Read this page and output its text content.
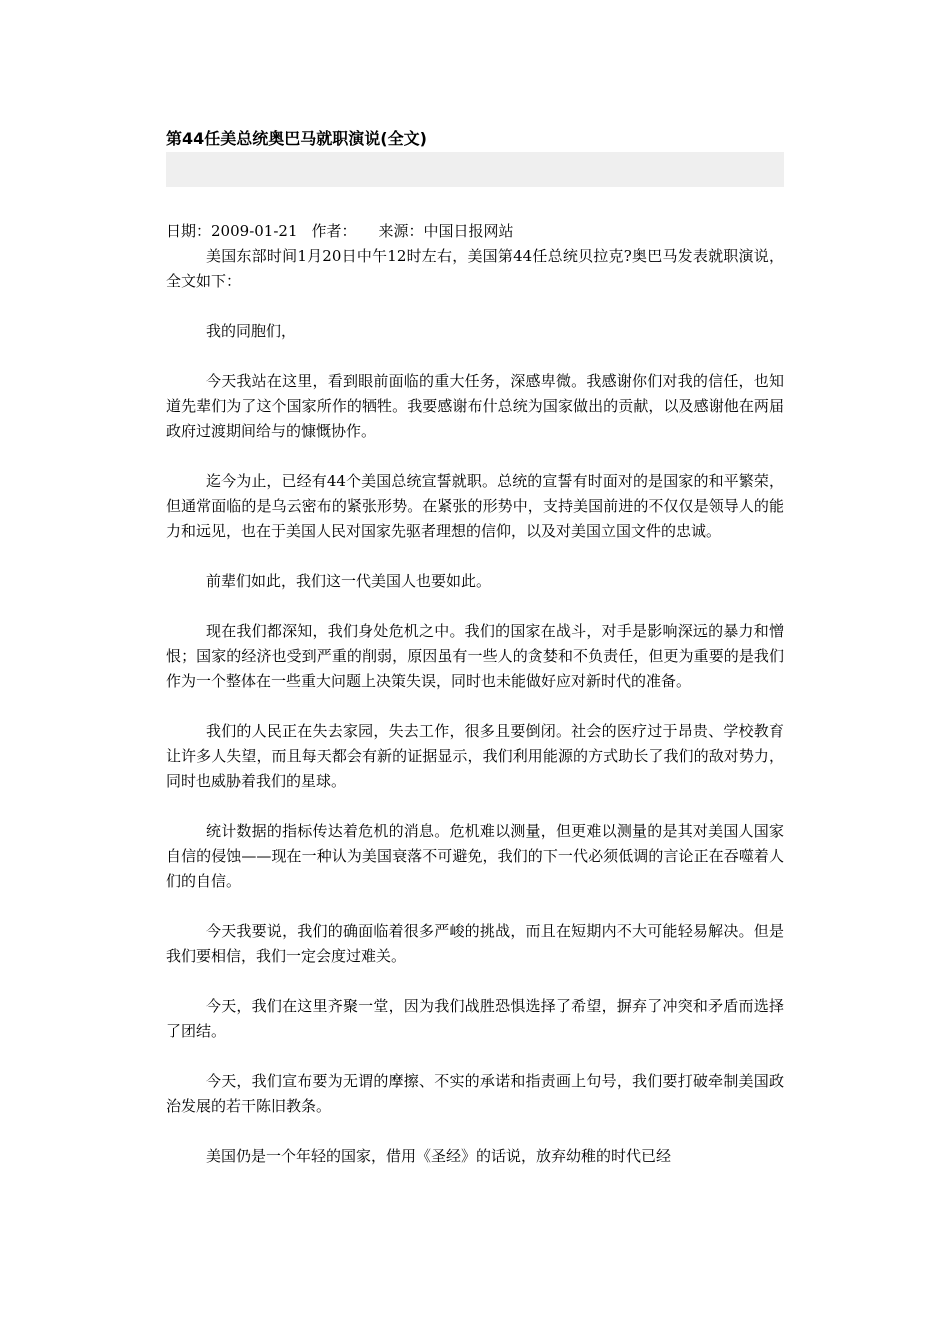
第44任美总统奥巴马就职演说(全文)
日期：2009-01-21 作者： 来源：中国日报网站

美国东部时间1月20日中午12时左右，美国第44任总统贝拉克?奥巴马发表就职演说，全文如下：

我的同胞们，

今天我站在这里，看到眼前面临的重大任务，深感卑微。我感谢你们对我的信任，也知道先辈们为了这个国家所作的牺牲。我要感谢布什总统为国家做出的贡献，以及感谢他在两届政府过渡期间给与的慷慨协作。

迄今为止，已经有44个美国总统宣誓就职。总统的宣誓有时面对的是国家的和平繁荣，但通常面临的是乌云密布的紧张形势。在紧张的形势中，支持美国前进的不仅仅是领导人的能力和远见，也在于美国人民对国家先驱者理想的信仰，以及对美国立国文件的忠诚。

前辈们如此，我们这一代美国人也要如此。

现在我们都深知，我们身处危机之中。我们的国家在战斗，对手是影响深远的暴力和憎恨；国家的经济也受到严重的削弱，原因虽有一些人的贪婪和不负责任，但更为重要的是我们作为一个整体在一些重大问题上决策失误，同时也未能做好应对新时代的准备。

我们的人民正在失去家园，失去工作，很多且要倒闭。社会的医疗过于昂贵、学校教育让许多人失望，而且每天都会有新的证据显示，我们利用能源的方式助长了我们的敌对势力，同时也威胁着我们的星球。

统计数据的指标传达着危机的消息。危机难以测量，但更难以测量的是其对美国人国家自信的侵蚀——现在一种认为美国衰落不可避免，我们的下一代必须低调的言论正在吞噬着人们的自信。

今天我要说，我们的确面临着很多严峻的挑战，而且在短期内不大可能轻易解决。但是我们要相信，我们一定会度过难关。

今天，我们在这里齐聚一堂，因为我们战胜恐惧选择了希望，摒弃了冲突和矛盾而选择了团结。

今天，我们宣布要为无谓的摩擦、不实的承诺和指责画上句号，我们要打破牵制美国政治发展的若干陈旧教条。

美国仍是一个年轻的国家，借用《圣经》的话说，放弃幼稚的时代已经
